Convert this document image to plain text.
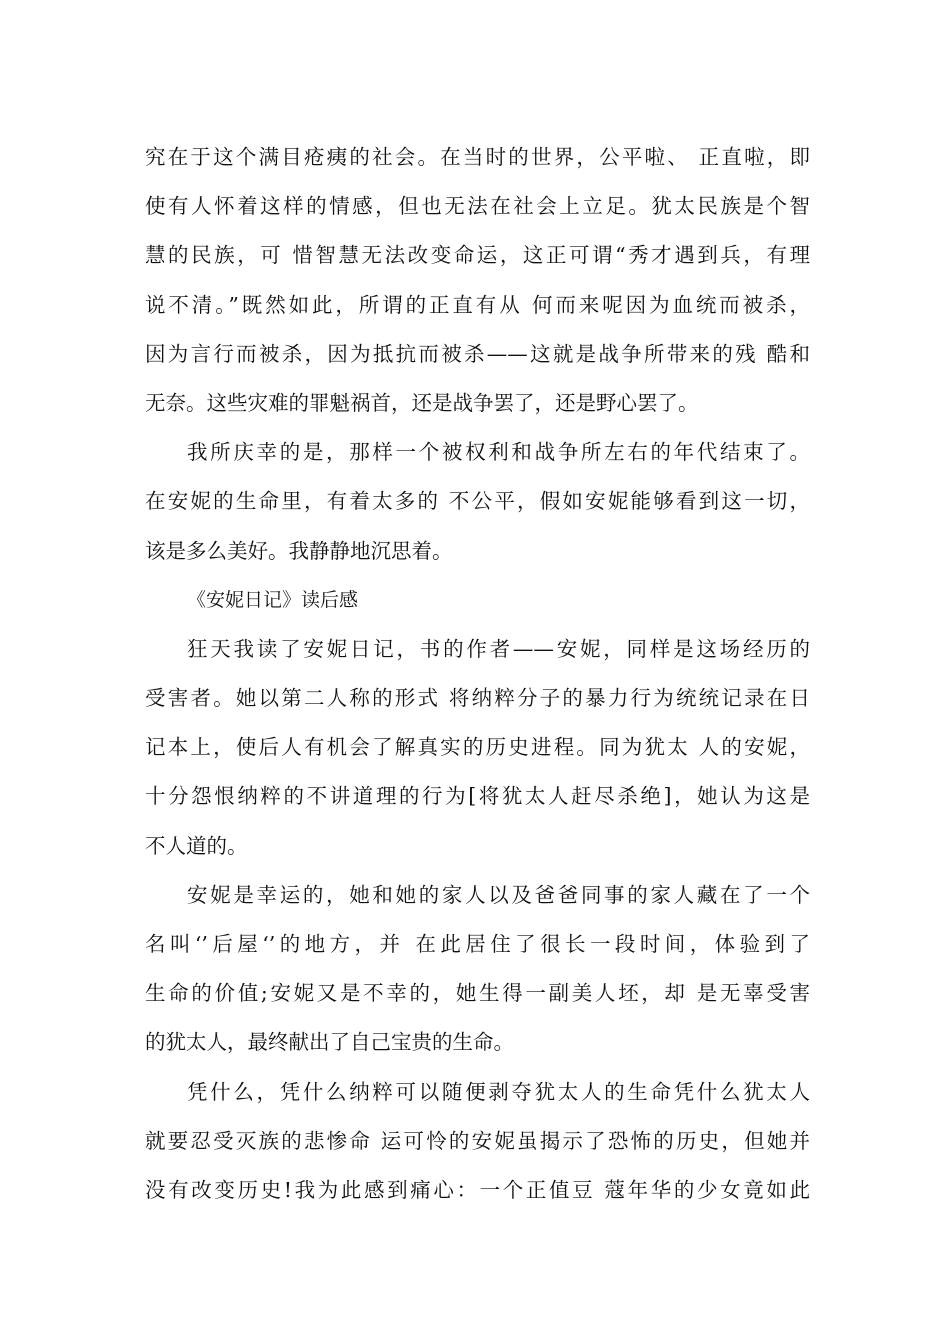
究在于这个满目疮痍的社会。在当时的世界，公平啦、 正直啦，即
使有人怀着这样的情感，但也无法在社会上立足。犹太民族是个智
慧的民族，可 惜智慧无法改变命运，这正可谓“秀才遇到兵，有理
说不清。”既然如此，所谓的正直有从 何而来呢因为血统而被杀，
因为言行而被杀，因为抵抗而被杀——这就是战争所带来的残 酷和
无奈。这些灾难的罪魁祸首，还是战争罢了，还是野心罢了。
我所庆幸的是，那样一个被权利和战争所左右的年代结束了。
在安妮的生命里，有着太多的 不公平，假如安妮能够看到这一切，
该是多么美好。我静静地沉思着。
《安妮日记》读后感
狂天我读了安妮日记，书的作者——安妮，同样是这场经历的
受害者。她以第二人称的形式 将纳粹分子的暴力行为统统记录在日
记本上，使后人有机会了解真实的历史进程。同为犹太 人的安妮，
十分怨恨纳粹的不讲道理的行为[将犹太人赶尽杀绝]，她认为这是
不人道的。
安妮是幸运的，她和她的家人以及爸爸同事的家人藏在了一个
名叫‘’后屋‘’的地方，并 在此居住了很长一段时间，体验到了
生命的价值;安妮又是不幸的，她生得一副美人坯，却 是无辜受害
的犹太人，最终献出了自己宝贵的生命。
凭什么，凭什么纳粹可以随便剥夺犹太人的生命凭什么犹太人
就要忍受灭族的悲惨命 运可怜的安妮虽揭示了恐怖的历史，但她并
没有改变历史!我为此感到痛心：一个正值豆 蔻年华的少女竟如此
